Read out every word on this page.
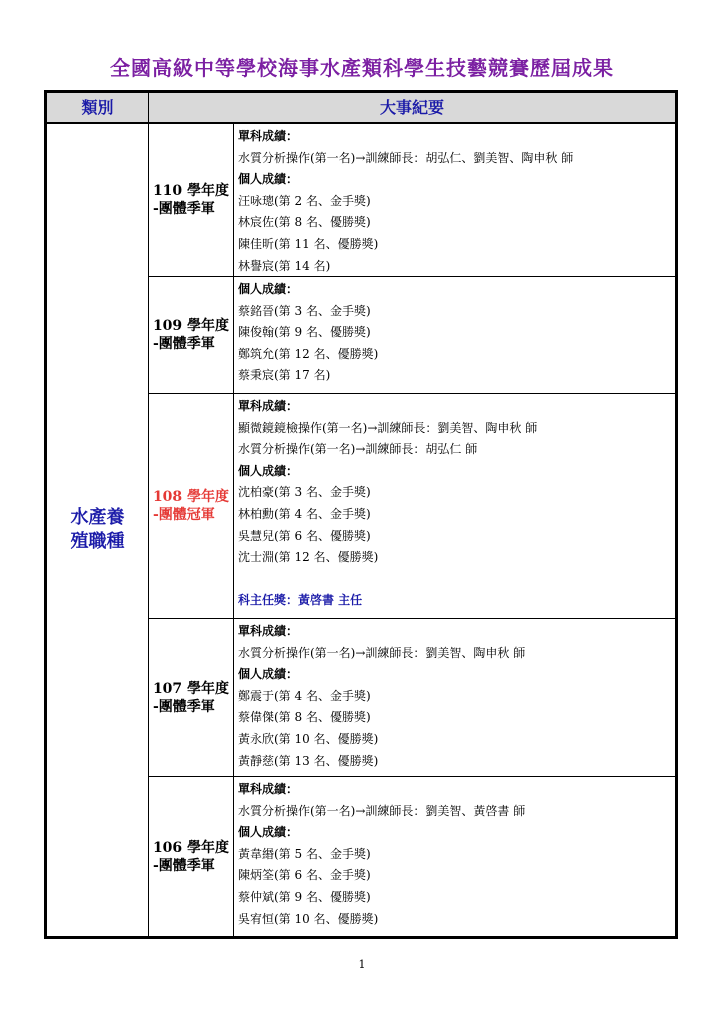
全國高級中等學校海事水產類科學生技藝競賽歷屆成果
類別	大事紀要
水產養殖職種
110 學年度
-團體季軍
單科成績：
水質分析操作(第一名)→訓練師長：胡弘仁、劉美智、陶申秋 師
個人成績：
汪咏璁(第 2 名、金手獎)
林宸佐(第 8 名、優勝獎)
陳佳昕(第 11 名、優勝獎)
林譽宸(第 14 名)
109 學年度
-團體季軍
個人成績：
蔡銘晉(第 3 名、金手獎)
陳俊翰(第 9 名、優勝獎)
鄭筑允(第 12 名、優勝獎)
蔡秉宸(第 17 名)
108 學年度
-團體冠軍
單科成績：
顯微鏡鏡檢操作(第一名)→訓練師長：劉美智、陶申秋 師
水質分析操作(第一名)→訓練師長：胡弘仁 師
個人成績：
沈柏豪(第 3 名、金手獎)
林柏勳(第 4 名、金手獎)
吳慧兒(第 6 名、優勝獎)
沈士淵(第 12 名、優勝獎)
科主任獎：黃啓書 主任
107 學年度
-團體季軍
單科成績：
水質分析操作(第一名)→訓練師長：劉美智、陶申秋 師
個人成績：
鄭震于(第 4 名、金手獎)
蔡偉傑(第 8 名、優勝獎)
黃永欣(第 10 名、優勝獎)
黃靜慈(第 13 名、優勝獎)
106 學年度
-團體季軍
單科成績：
水質分析操作(第一名)→訓練師長：劉美智、黃啓書 師
個人成績：
黃韋緡(第 5 名、金手獎)
陳炳筌(第 6 名、金手獎)
蔡仲斌(第 9 名、優勝獎)
吳宥恒(第 10 名、優勝獎)
1
